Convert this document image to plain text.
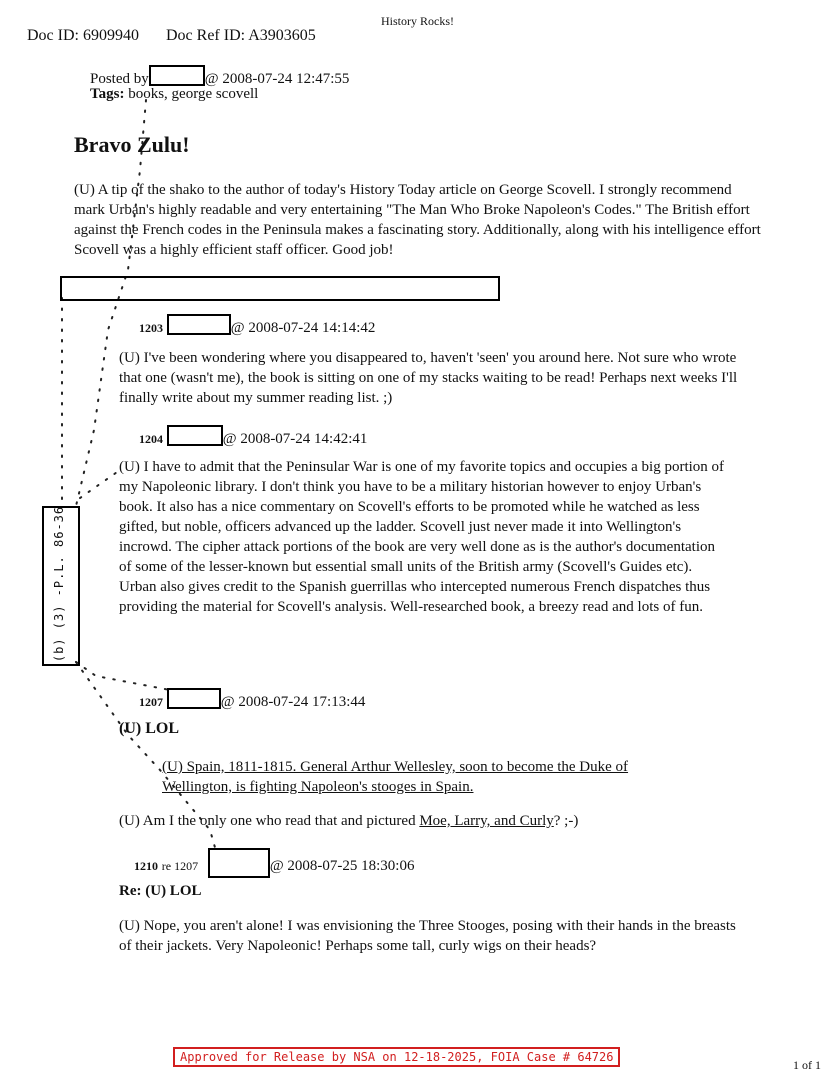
Doc ID: 6909940 Doc Ref ID: A3903605
History Rocks!
Posted by	@ 2008-07-24 12:47:55
Tags: books, george scovell
Bravo Zulu!
(U) A tip of the shako to the author of today's History Today article on George Scovell. I strongly recommend mark Urban's highly readable and very entertaining "The Man Who Broke Napoleon's Codes." The British effort against the French codes in the Peninsula makes a fascinating story. Additionally, along with his intelligence effort Scovell was a highly efficient staff officer. Good job!
1203	@ 2008-07-24 14:14:42
(U) I've been wondering where you disappeared to, haven't 'seen' you around here. Not sure who wrote that one (wasn't me), the book is sitting on one of my stacks waiting to be read! Perhaps next weeks I'll finally write about my summer reading list. ;)
1204	@ 2008-07-24 14:42:41
(U) I have to admit that the Peninsular War is one of my favorite topics and occupies a big portion of my Napoleonic library. I don't think you have to be a military historian however to enjoy Urban's book. It also has a nice commentary on Scovell's efforts to be promoted while he watched as less gifted, but noble, officers advanced up the ladder. Scovell just never made it into Wellington's incrowd. The cipher attack portions of the book are very well done as is the author's documentation of some of the lesser-known but essential small units of the British army (Scovell's Guides etc). Urban also gives credit to the Spanish guerrillas who intercepted numerous French dispatches thus providing the material for Scovell's analysis. Well-researched book, a breezy read and lots of fun.
(b) (3) -P.L. 86-36
1207	@ 2008-07-24 17:13:44
(U) LOL
(U) Spain, 1811-1815. General Arthur Wellesley, soon to become the Duke of Wellington, is fighting Napoleon's stooges in Spain.
(U) Am I the only one who read that and pictured Moe, Larry, and Curly? ;-)
1210 re 1207	@ 2008-07-25 18:30:06
Re: (U) LOL
(U) Nope, you aren't alone! I was envisioning the Three Stooges, posing with their hands in the breasts of their jackets. Very Napoleonic! Perhaps some tall, curly wigs on their heads?
Approved for Release by NSA on 12-18-2025, FOIA Case # 64726
1 of 1
